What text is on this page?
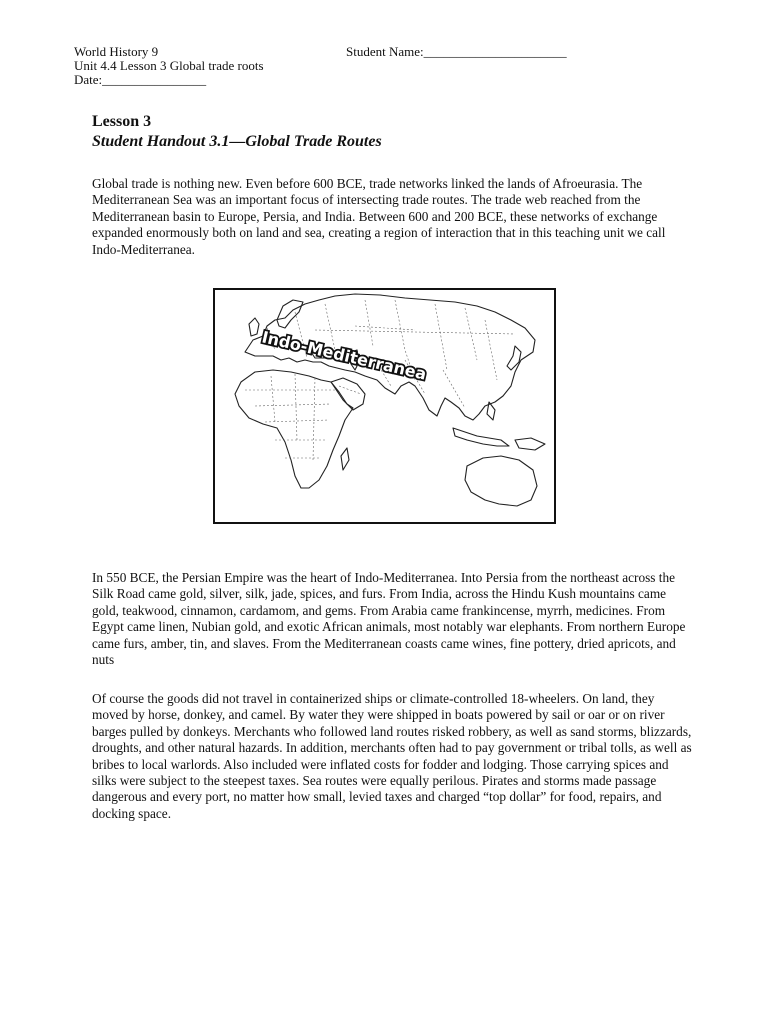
World History 9
Unit 4.4 Lesson 3 Global trade roots
Date:________________
Student Name:______________________
Lesson 3
Student Handout 3.1—Global Trade Routes

Global trade is nothing new. Even before 600 BCE, trade networks linked the lands of Afroeurasia. The Mediterranean Sea was an important focus of intersecting trade routes. The trade web reached from the Mediterranean basin to Europe, Persia, and India. Between 600 and 200 BCE, these networks of exchange expanded enormously both on land and sea, creating a region of interaction that in this teaching unit we call Indo-Mediterranea.

Indo-Mediterranea

In 550 BCE, the Persian Empire was the heart of Indo-Mediterranea. Into Persia from the northeast across the Silk Road came gold, silver, silk, jade, spices, and furs. From India, across the Hindu Kush mountains came gold, teakwood, cinnamon, cardamom, and gems. From Arabia came frankincense, myrrh, medicines. From Egypt came linen, Nubian gold, and exotic African animals, most notably war elephants. From northern Europe came furs, amber, tin, and slaves. From the Mediterranean coasts came wines, fine pottery, dried apricots, and nuts

Of course the goods did not travel in containerized ships or climate-controlled 18-wheelers. On land, they moved by horse, donkey, and camel. By water they were shipped in boats powered by sail or oar or on river barges pulled by donkeys. Merchants who followed land routes risked robbery, as well as sand storms, blizzards, droughts, and other natural hazards. In addition, merchants often had to pay government or tribal tolls, as well as bribes to local warlords. Also included were inflated costs for fodder and lodging. Those carrying spices and silks were subject to the steepest taxes. Sea routes were equally perilous. Pirates and storms made passage dangerous and every port, no matter how small, levied taxes and charged “top dollar” for food, repairs, and docking space.
